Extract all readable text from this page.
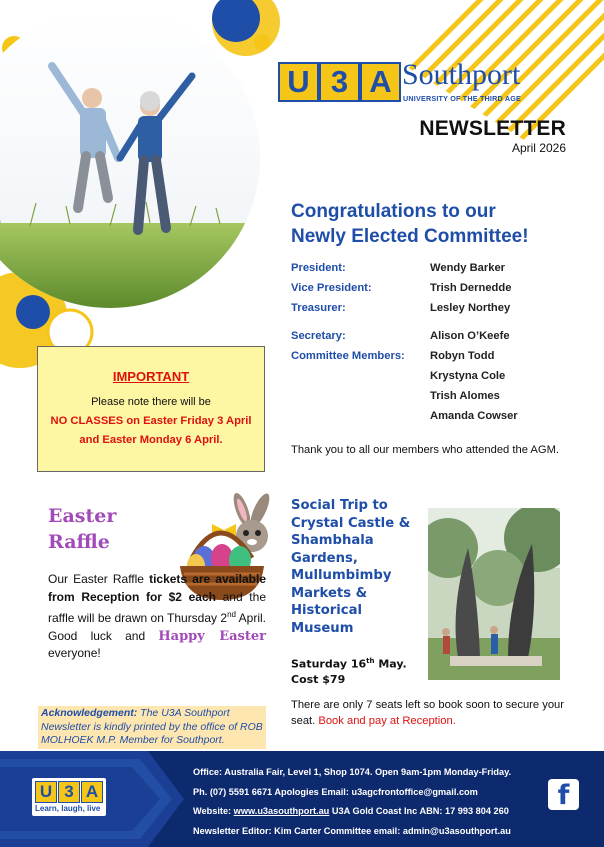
U 3 A Southport
UNIVERSITY OF THE THIRD AGE
NEWSLETTER
April 2026
Congratulations to our
Newly Elected Committee!
President:	Wendy Barker
Vice President:	Trish Dernedde
Treasurer:	Lesley Northey
Secretary:	Alison O’Keefe
Committee Members: Robyn Todd
Krystyna Cole
Trish Alomes
Amanda Cowser
Thank you to all our members who attended the AGM.
IMPORTANT
Please note there will be
NO CLASSES on Easter Friday 3 April
and Easter Monday 6 April.
Easter
Raffle
Our Easter Raffle tickets are available from Reception for $2 each and the raffle will be drawn on Thursday 2nd April. Good luck and Happy Easter everyone!
Social Trip to Crystal Castle & Shambhala Gardens, Mullumbimby Markets & Historical Museum
Saturday 16th May.
Cost $79
There are only 7 seats left so book soon to secure your seat. Book and pay at Reception.
Acknowledgement: The U3A Southport Newsletter is kindly printed by the office of ROB MOLHOEK M.P. Member for Southport.
U 3 A
Learn, laugh, live
Office: Australia Fair, Level 1, Shop 1074. Open 9am-1pm Monday-Friday.
Ph. (07) 5591 6671 Apologies Email: u3agcfrontoffice@gmail.com
Website: www.u3asouthport.au U3A Gold Coast Inc ABN: 17 993 804 260
Newsletter Editor: Kim Carter Committee email: admin@u3asouthport.au
f
